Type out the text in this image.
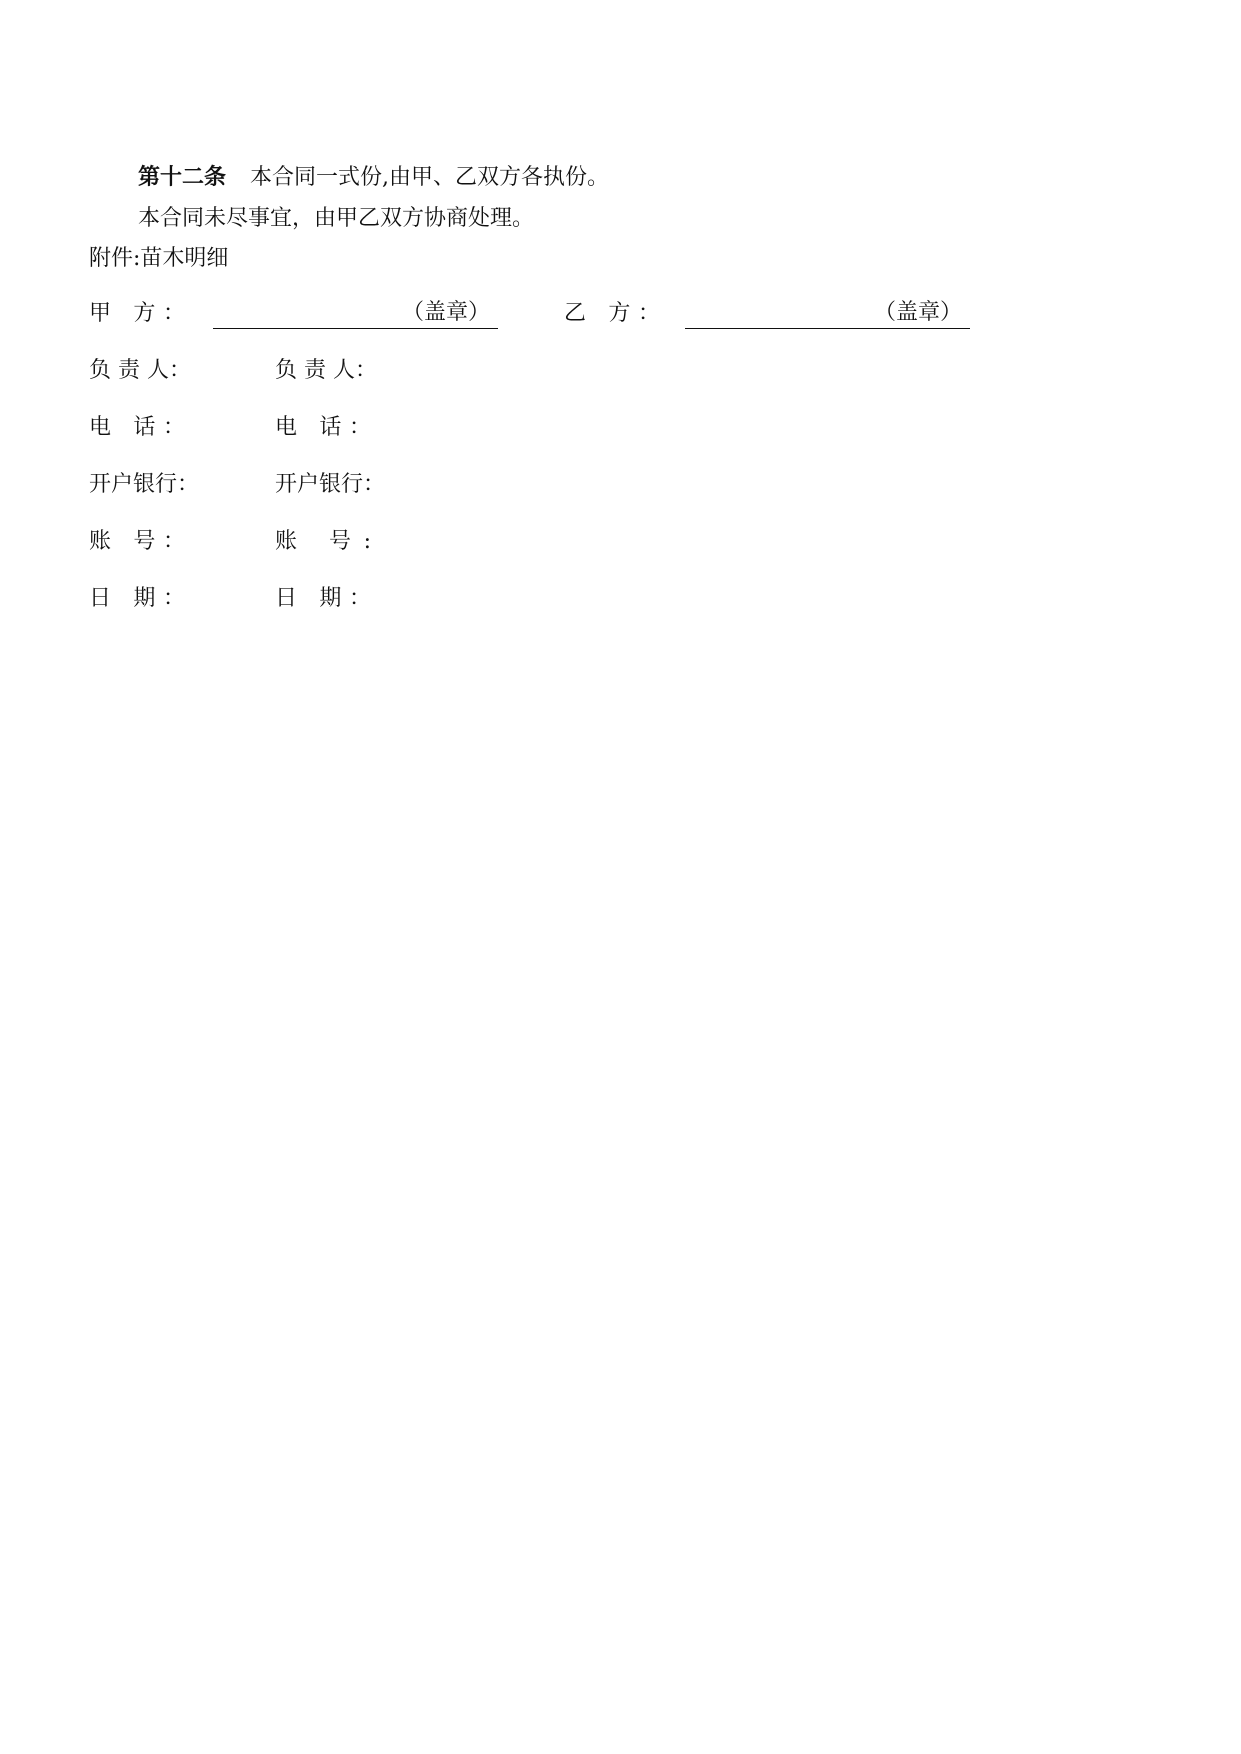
第十二条 本合同一式份,由甲、乙双方各执份。
本合同未尽事宜，由甲乙双方协商处理。
附件:苗木明细
甲 方：	（盖章）	乙 方：	（盖章）
负 责 人：	负 责 人：
电 话：	电 话：
开户银行：	开户银行：
账 号：	账 号:
日 期：	日 期：
